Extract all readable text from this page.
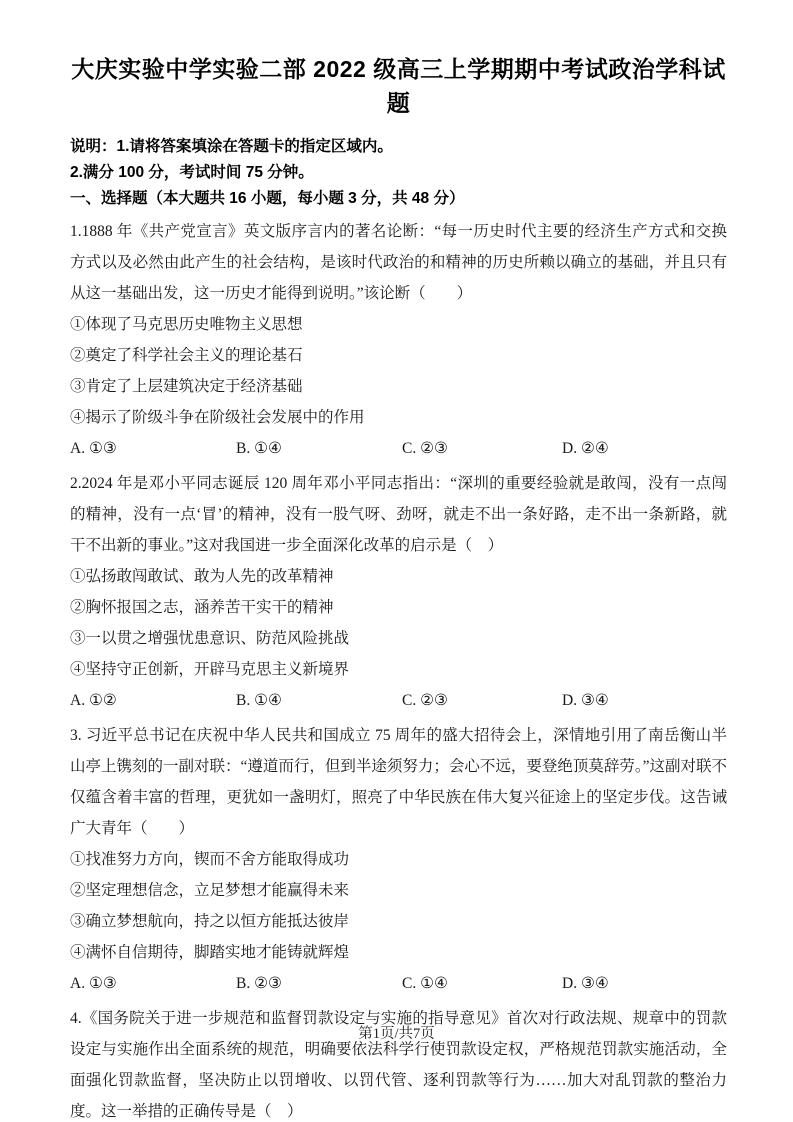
大庆实验中学实验二部 2022 级高三上学期期中考试政治学科试题

说明：1.请将答案填涂在答题卡的指定区域内。

2.满分 100 分，考试时间 75 分钟。

一、选择题（本大题共 16 小题，每小题 3 分，共 48 分）

1.1888 年《共产党宣言》英文版序言内的著名论断：“每一历史时代主要的经济生产方式和交换方式以及必然由此产生的社会结构，是该时代政治的和精神的历史所赖以确立的基础，并且只有从这一基础出发，这一历史才能得到说明。”该论断（　　）

①体现了马克思历史唯物主义思想

②奠定了科学社会主义的理论基石

③肯定了上层建筑决定于经济基础

④揭示了阶级斗争在阶级社会发展中的作用

A. ①③	B. ①④	C. ②③	D. ②④

2.2024 年是邓小平同志诞辰 120 周年邓小平同志指出：“深圳的重要经验就是敢闯，没有一点闯的精神，没有一点‘冒’的精神，没有一股气呀、劲呀，就走不出一条好路，走不出一条新路，就干不出新的事业。”这对我国进一步全面深化改革的启示是（　）

①弘扬敢闯敢试、敢为人先的改革精神

②胸怀报国之志，涵养苦干实干的精神

③一以贯之增强忧患意识、防范风险挑战

④坚持守正创新，开辟马克思主义新境界

A. ①②	B. ①④	C. ②③	D. ③④

3. 习近平总书记在庆祝中华人民共和国成立 75 周年的盛大招待会上，深情地引用了南岳衡山半山亭上镌刻的一副对联：“遵道而行，但到半途须努力；会心不远，要登绝顶莫辞劳。”这副对联不仅蕴含着丰富的哲理，更犹如一盏明灯，照亮了中华民族在伟大复兴征途上的坚定步伐。这告诫广大青年（　　）

①找准努力方向，锲而不舍方能取得成功

②坚定理想信念，立足梦想才能赢得未来

③确立梦想航向，持之以恒方能抵达彼岸

④满怀自信期待，脚踏实地才能铸就辉煌

A. ①③	B. ②③	C. ①④	D. ③④

4.《国务院关于进一步规范和监督罚款设定与实施的指导意见》首次对行政法规、规章中的罚款设定与实施作出全面系统的规范，明确要依法科学行使罚款设定权，严格规范罚款实施活动，全面强化罚款监督，坚决防止以罚增收、以罚代管、逐利罚款等行为……加大对乱罚款的整治力度。这一举措的正确传导是（　）

第1页/共7页
